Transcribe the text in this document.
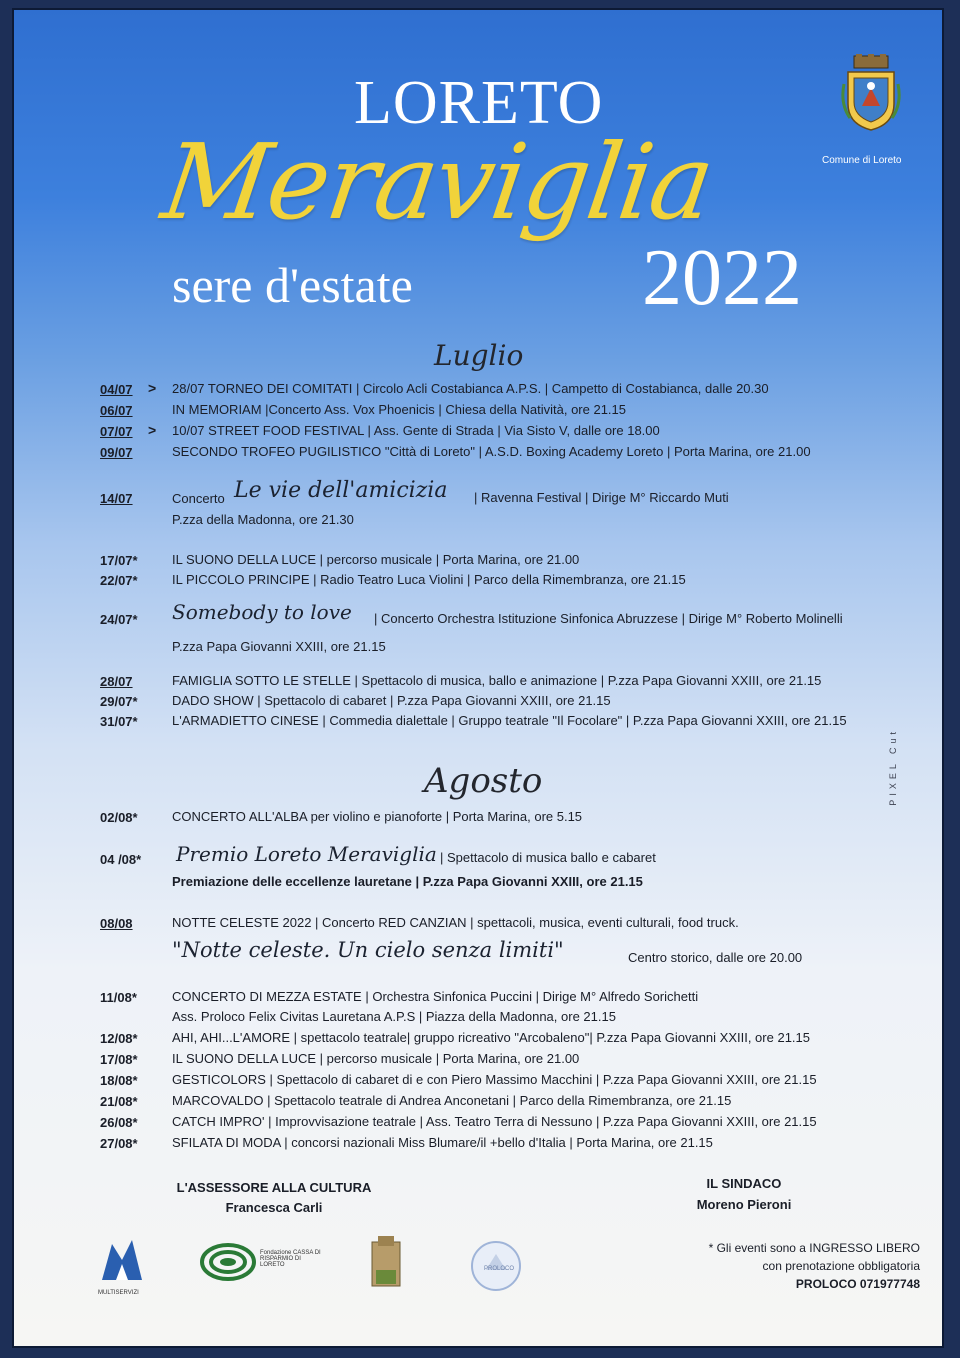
LORETO
Meraviglia
sere d'estate	2022
Comune di Loreto
PIXEL Cut
Luglio
04/07	> 28/07 TORNEO DEI COMITATI | Circolo Acli Costabianca A.P.S. | Campetto di Costabianca, dalle 20.30
06/07	IN MEMORIAM |Concerto Ass. Vox Phoenicis | Chiesa della Natività, ore 21.15
07/07	> 10/07 STREET FOOD FESTIVAL | Ass. Gente di Strada | Via Sisto V, dalle ore 18.00
09/07	SECONDO TROFEO PUGILISTICO "Città di Loreto" | A.S.D. Boxing Academy Loreto | Porta Marina, ore 21.00
14/07	Concerto Le vie dell'amicizia | Ravenna Festival | Dirige M° Riccardo Muti
P.zza della Madonna, ore 21.30
17/07*	IL SUONO DELLA LUCE | percorso musicale | Porta Marina, ore 21.00
22/07*	IL PICCOLO PRINCIPE | Radio Teatro Luca Violini | Parco della Rimembranza, ore 21.15
24/07*	Somebody to love | Concerto Orchestra Istituzione Sinfonica Abruzzese | Dirige M° Roberto Molinelli
P.zza Papa Giovanni XXIII, ore 21.15
28/07	FAMIGLIA SOTTO LE STELLE | Spettacolo di musica, ballo e animazione | P.zza Papa Giovanni XXIII, ore 21.15
29/07*	DADO SHOW | Spettacolo di cabaret | P.zza Papa Giovanni XXIII, ore 21.15
31/07*	L'ARMADIETTO CINESE | Commedia dialettale | Gruppo teatrale "Il Focolare" | P.zza Papa Giovanni XXIII, ore 21.15
Agosto
02/08*	CONCERTO ALL'ALBA per violino e pianoforte | Porta Marina, ore 5.15
04 /08*	Premio Loreto Meraviglia | Spettacolo di musica ballo e cabaret
Premiazione delle eccellenze lauretane | P.zza Papa Giovanni XXIII, ore 21.15
08/08	NOTTE CELESTE 2022 | Concerto RED CANZIAN | spettacoli, musica, eventi culturali, food truck.
"Notte celeste. Un cielo senza limiti"	Centro storico, dalle ore 20.00
11/08*	CONCERTO DI MEZZA ESTATE | Orchestra Sinfonica Puccini | Dirige M° Alfredo Sorichetti
Ass. Proloco Felix Civitas Lauretana A.P.S | Piazza della Madonna, ore 21.15
12/08*	AHI, AHI...L'AMORE | spettacolo teatrale| gruppo ricreativo "Arcobaleno"| P.zza Papa Giovanni XXIII, ore 21.15
17/08*	IL SUONO DELLA LUCE | percorso musicale | Porta Marina, ore 21.00
18/08*	GESTICOLORS | Spettacolo di cabaret di e con Piero Massimo Macchini | P.zza Papa Giovanni XXIII, ore 21.15
21/08*	MARCOVALDO | Spettacolo teatrale di Andrea Anconetani | Parco della Rimembranza, ore 21.15
26/08*	CATCH IMPRO' | Improvvisazione teatrale | Ass. Teatro Terra di Nessuno | P.zza Papa Giovanni XXIII, ore 21.15
27/08*	SFILATA DI MODA | concorsi nazionali Miss Blumare/il +bello d'Italia | Porta Marina, ore 21.15
L'ASSESSORE ALLA CULTURA
Francesca Carli
IL SINDACO
Moreno Pieroni
MULTISERVIZI
Fondazione CASSA DI RISPARMIO DI LORETO
PROLOCO
* Gli eventi sono a INGRESSO LIBERO
con prenotazione obbligatoria
PROLOCO 071977748
